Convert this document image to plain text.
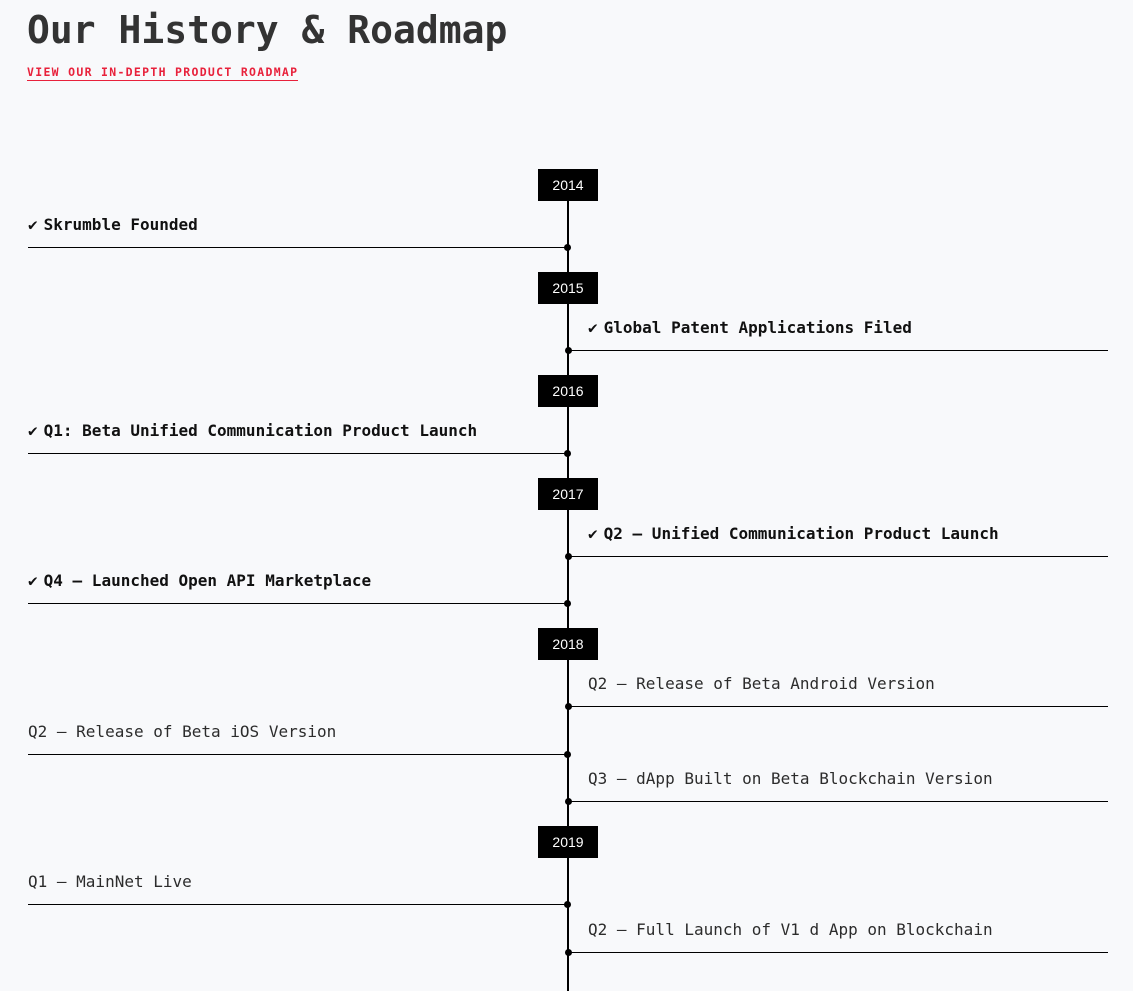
Our History & Roadmap
VIEW OUR IN-DEPTH PRODUCT ROADMAP
2014
2015
2016
2017
2018
2019
✔ Skrumble Founded
✔ Global Patent Applications Filed
✔ Q1: Beta Unified Communication Product Launch
✔ Q2 – Unified Communication Product Launch
✔ Q4 – Launched Open API Marketplace
Q2 – Release of Beta Android Version
Q2 – Release of Beta iOS Version
Q3 – dApp Built on Beta Blockchain Version
Q1 – MainNet Live
Q2 – Full Launch of V1 d App on Blockchain
